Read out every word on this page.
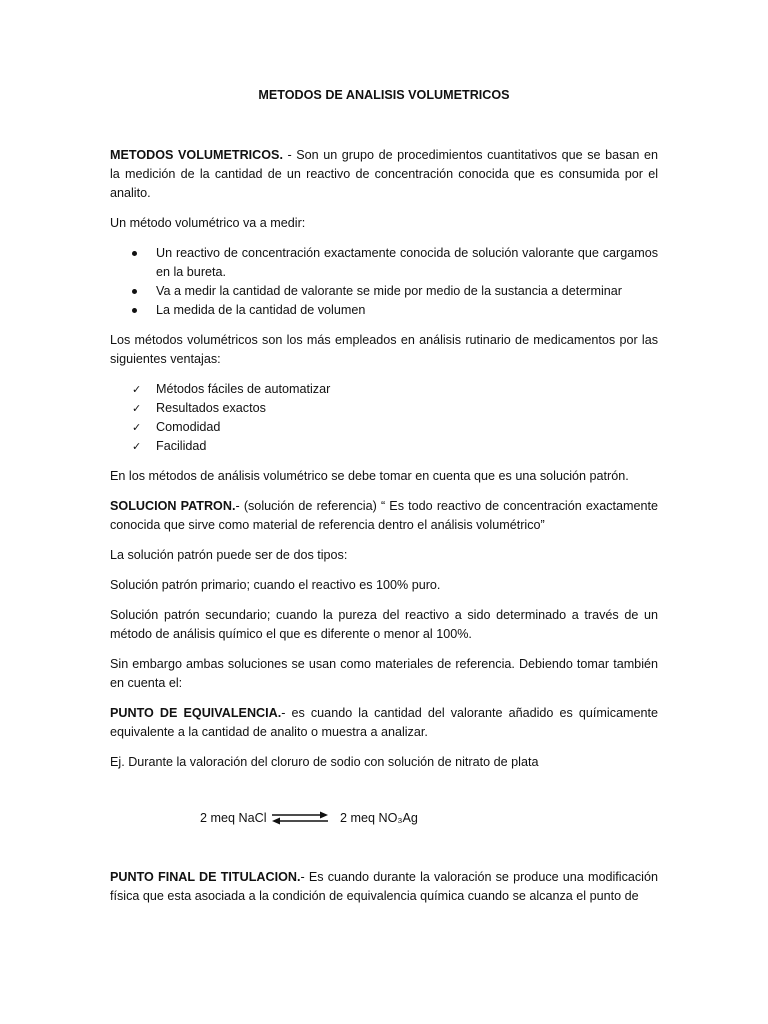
METODOS DE ANALISIS VOLUMETRICOS

METODOS VOLUMETRICOS. - Son un grupo de procedimientos cuantitativos que se basan en la medición de la cantidad de un reactivo de concentración conocida que es consumida por el analito.

Un método volumétrico va a medir:

Un reactivo de concentración exactamente conocida de solución valorante que cargamos en la bureta.
Va a medir la cantidad de valorante se mide por medio de la sustancia a determinar
La medida de la cantidad de volumen

Los métodos volumétricos son los más empleados en análisis rutinario de medicamentos por las siguientes ventajas:

✓ Métodos fáciles de automatizar
✓ Resultados exactos
✓ Comodidad
✓ Facilidad

En los métodos de análisis volumétrico se debe tomar en cuenta que es una solución patrón.

SOLUCION PATRON.- (solución de referencia) “ Es todo reactivo de concentración exactamente conocida que sirve como material de referencia dentro el análisis volumétrico”

La solución patrón puede ser de dos tipos:

Solución patrón primario; cuando el reactivo es 100% puro.

Solución patrón secundario; cuando la pureza del reactivo a sido determinado a través de un método de análisis químico el que es diferente o menor al 100%.

Sin embargo ambas soluciones se usan como materiales de referencia. Debiendo tomar también en cuenta el:

PUNTO DE EQUIVALENCIA.- es cuando la cantidad del valorante añadido es químicamente equivalente a la cantidad de analito o muestra a analizar.

Ej. Durante la valoración del cloruro de sodio con solución de nitrato de plata

2 meq NaCl	2 meq NO₃Ag

PUNTO FINAL DE TITULACION.- Es cuando durante la valoración se produce una modificación física que esta asociada a la condición de equivalencia química cuando se alcanza el punto de
